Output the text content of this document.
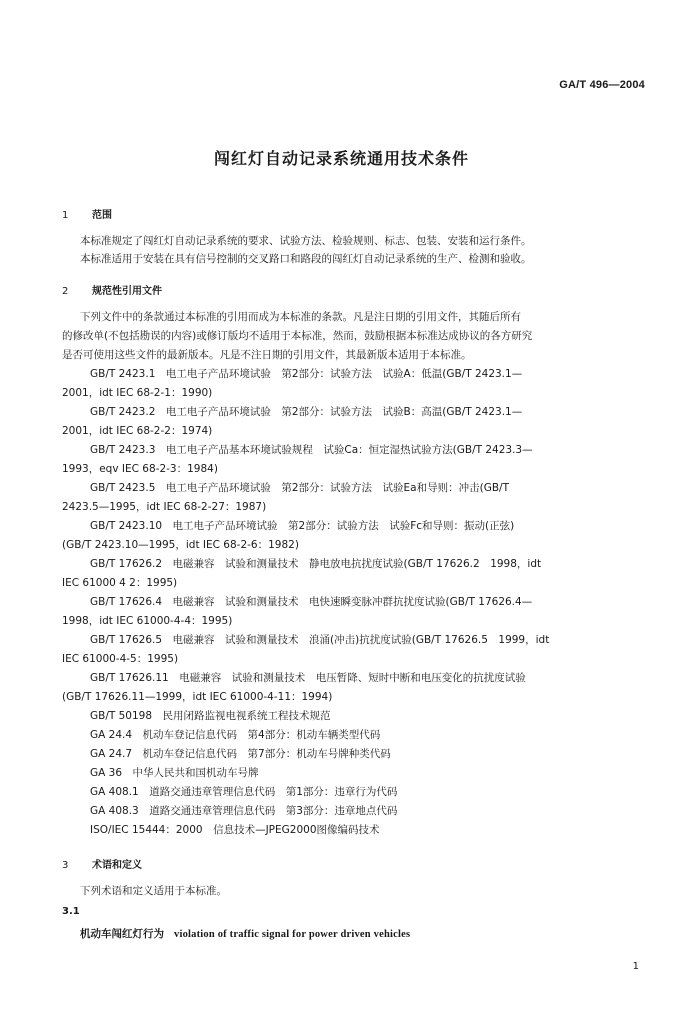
GA/T 496—2004
闯红灯自动记录系统通用技术条件
1 范围
本标准规定了闯红灯自动记录系统的要求、试验方法、检验规则、标志、包装、安装和运行条件。
本标准适用于安装在具有信号控制的交叉路口和路段的闯红灯自动记录系统的生产、检测和验收。
2 规范性引用文件
下列文件中的条款通过本标准的引用而成为本标准的条款。凡是注日期的引用文件，其随后所有
的修改单(不包括勘误的内容)或修订版均不适用于本标准，然而，鼓励根据本标准达成协议的各方研究
是否可使用这些文件的最新版本。凡是不注日期的引用文件，其最新版本适用于本标准。
GB/T 2423.1　电工电子产品环境试验　第2部分：试验方法　试验A：低温(GB/T 2423.1—
2001，idt IEC 68-2-1：1990)
GB/T 2423.2　电工电子产品环境试验　第2部分：试验方法　试验B：高温(GB/T 2423.1—
2001，idt IEC 68-2-2：1974)
GB/T 2423.3　电工电子产品基本环境试验规程　试验Ca：恒定湿热试验方法(GB/T 2423.3—
1993，eqv IEC 68-2-3：1984)
GB/T 2423.5　电工电子产品环境试验　第2部分：试验方法　试验Ea和导则：冲击(GB/T
2423.5—1995，idt IEC 68-2-27：1987)
GB/T 2423.10　电工电子产品环境试验　第2部分：试验方法　试验Fc和导则：振动(正弦)
(GB/T 2423.10—1995，idt IEC 68-2-6：1982)
GB/T 17626.2　电磁兼容　试验和测量技术　静电放电抗扰度试验(GB/T 17626.2　1998，idt
IEC 61000 4 2：1995)
GB/T 17626.4　电磁兼容　试验和测量技术　电快速瞬变脉冲群抗扰度试验(GB/T 17626.4—
1998，idt IEC 61000-4-4：1995)
GB/T 17626.5　电磁兼容　试验和测量技术　浪涌(冲击)抗扰度试验(GB/T 17626.5　1999，idt
IEC 61000-4-5：1995)
GB/T 17626.11　电磁兼容　试验和测量技术　电压暂降、短时中断和电压变化的抗扰度试验
(GB/T 17626.11—1999，idt IEC 61000-4-11：1994)
GB/T 50198　民用闭路监视电视系统工程技术规范
GA 24.4　机动车登记信息代码　第4部分：机动车辆类型代码
GA 24.7　机动车登记信息代码　第7部分：机动车号牌种类代码
GA 36　中华人民共和国机动车号牌
GA 408.1　道路交通违章管理信息代码　第1部分：违章行为代码
GA 408.3　道路交通违章管理信息代码　第3部分：违章地点代码
ISO/IEC 15444：2000　信息技术—JPEG2000图像编码技术
3 术语和定义
下列术语和定义适用于本标准。
3.1
机动车闯红灯行为 violation of traffic signal for power driven vehicles
1
